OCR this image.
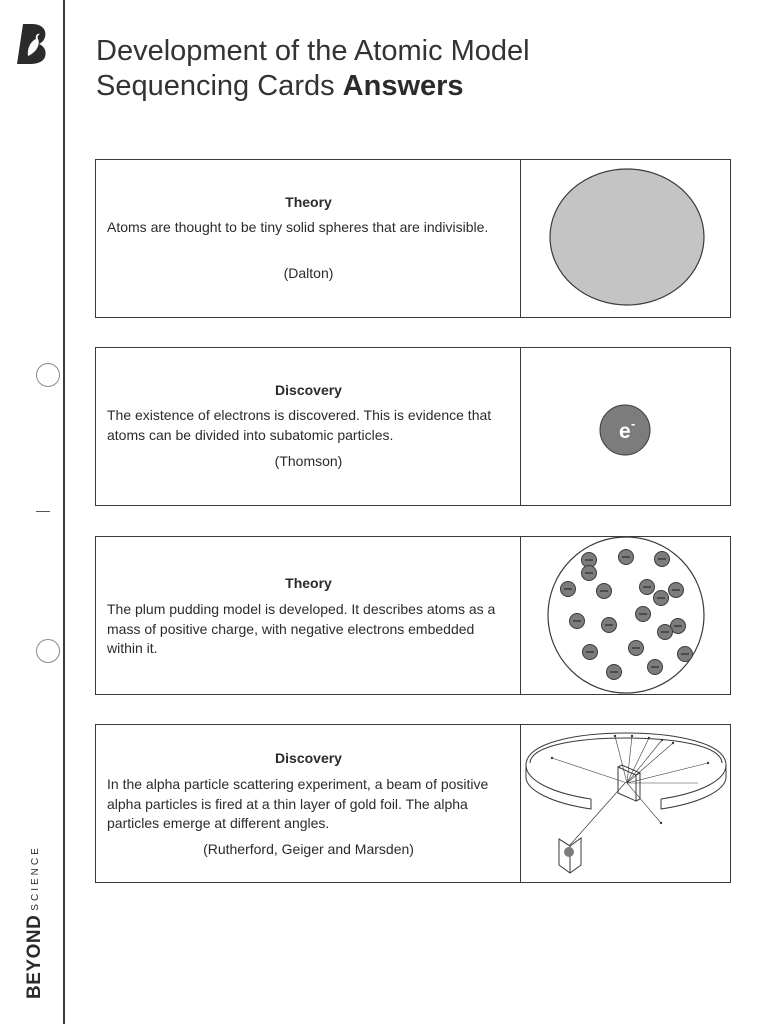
BEYONDSCIENCE
Development of the Atomic Model
Sequencing Cards Answers
Theory
Atoms are thought to be tiny solid spheres that are indivisible.
(Dalton)
Discovery
The existence of electrons is discovered. This is evidence that atoms can be divided into subatomic particles.
(Thomson)
e -
Theory
The plum pudding model is developed. It describes atoms as a mass of positive charge, with negative electrons embedded within it.
Discovery
In the alpha particle scattering experiment, a beam of positive alpha particles is fired at a thin layer of gold foil. The alpha particles emerge at different angles.
(Rutherford, Geiger and Marsden)
